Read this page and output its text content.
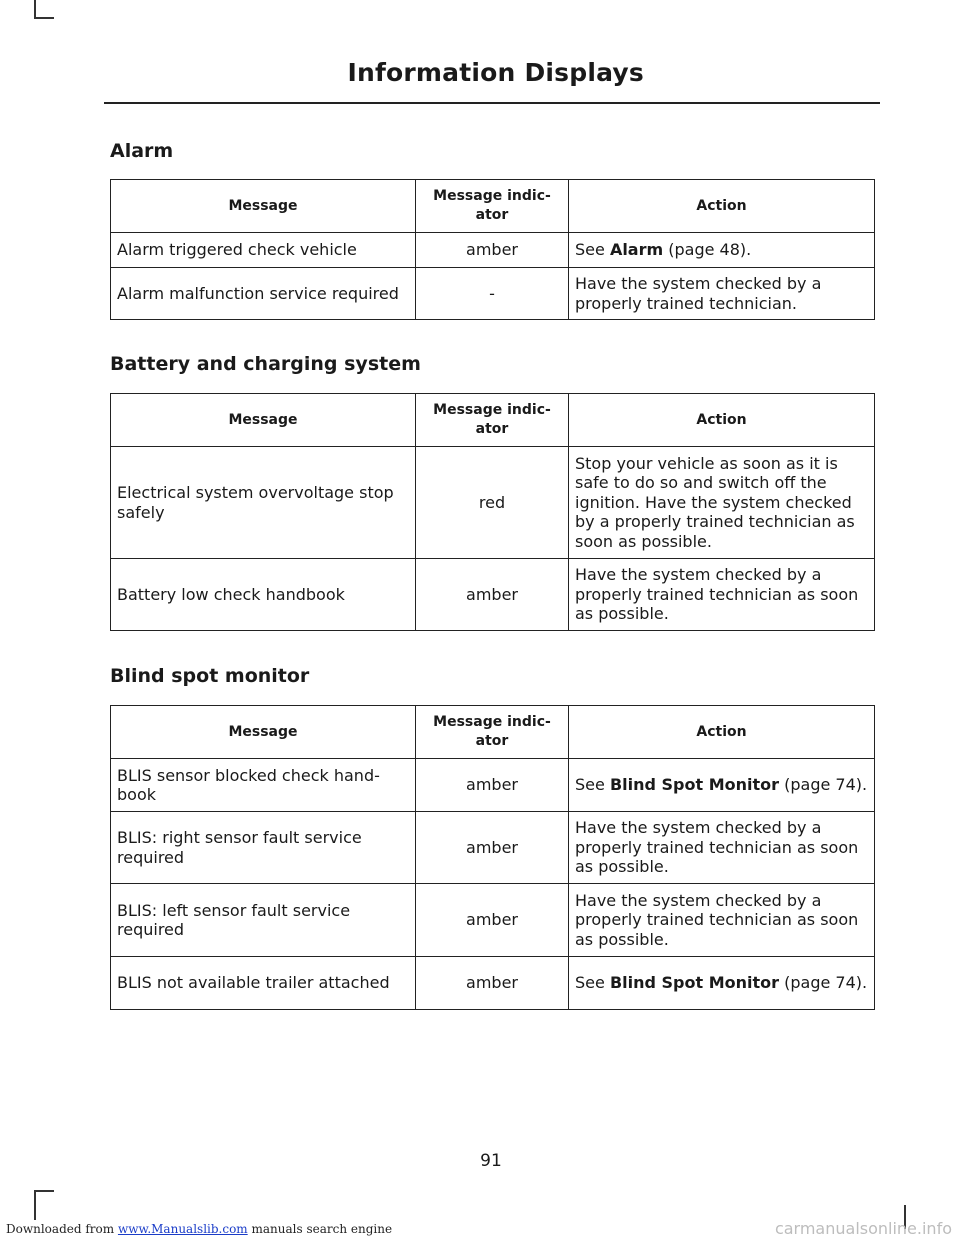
Information Displays
Alarm
Message	Message indic-ator	Action
Alarm triggered check vehicle	amber	See Alarm (page 48).
Alarm malfunction service required	-	Have the system checked by a properly trained technician.
Battery and charging system
Message	Message indic-ator	Action
Electrical system overvoltage stop safely	red	Stop your vehicle as soon as it is safe to do so and switch off the ignition. Have the system checked by a properly trained technician as soon as possible.
Battery low check handbook	amber	Have the system checked by a properly trained technician as soon as possible.
Blind spot monitor
Message	Message indic-ator	Action
BLIS sensor blocked check hand-book	amber	See Blind Spot Monitor (page 74).
BLIS: right sensor fault service required	amber	Have the system checked by a properly trained technician as soon as possible.
BLIS: left sensor fault service required	amber	Have the system checked by a properly trained technician as soon as possible.
BLIS not available trailer attached	amber	See Blind Spot Monitor (page 74).
91
Downloaded from www.Manualslib.com manuals search engine	carmanualsonline.info
